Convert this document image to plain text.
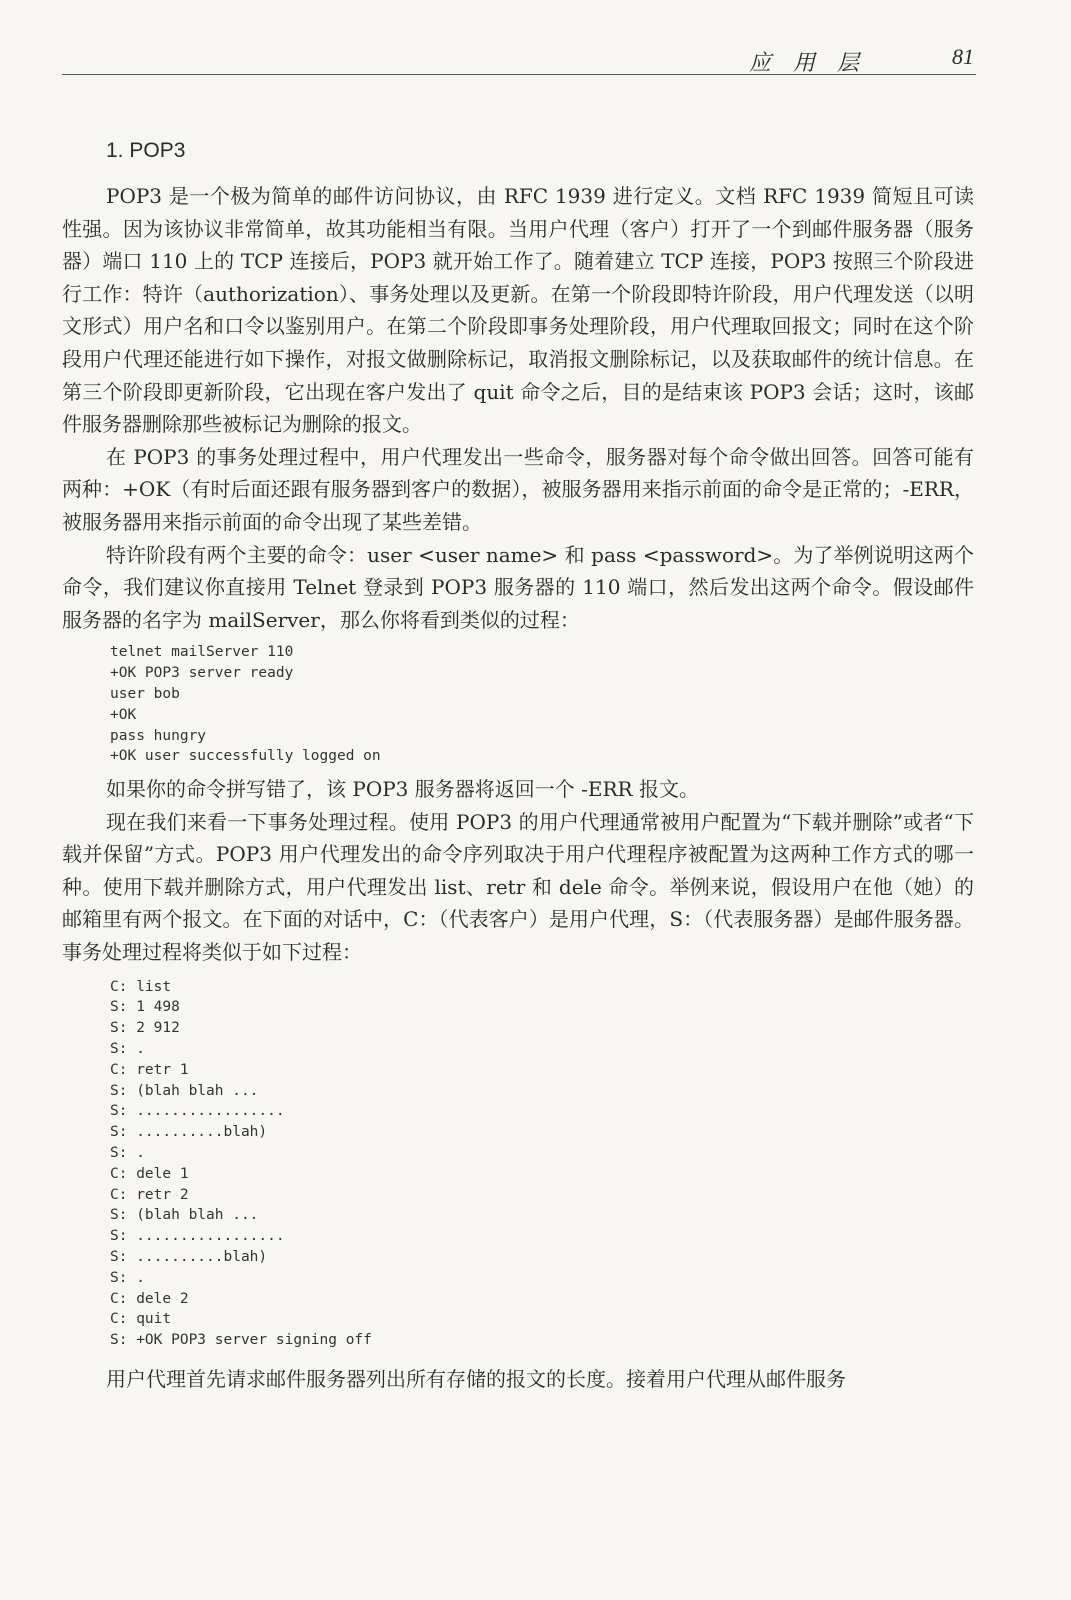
应用层	81
1. POP3

POP3 是一个极为简单的邮件访问协议，由 RFC 1939 进行定义。文档 RFC 1939 简短且可读性强。因为该协议非常简单，故其功能相当有限。当用户代理（客户）打开了一个到邮件服务器（服务器）端口 110 上的 TCP 连接后，POP3 就开始工作了。随着建立 TCP 连接，POP3 按照三个阶段进行工作：特许（authorization）、事务处理以及更新。在第一个阶段即特许阶段，用户代理发送（以明文形式）用户名和口令以鉴别用户。在第二个阶段即事务处理阶段，用户代理取回报文；同时在这个阶段用户代理还能进行如下操作，对报文做删除标记，取消报文删除标记，以及获取邮件的统计信息。在第三个阶段即更新阶段，它出现在客户发出了 quit 命令之后，目的是结束该 POP3 会话；这时，该邮件服务器删除那些被标记为删除的报文。

在 POP3 的事务处理过程中，用户代理发出一些命令，服务器对每个命令做出回答。回答可能有两种：+OK（有时后面还跟有服务器到客户的数据），被服务器用来指示前面的命令是正常的；-ERR，被服务器用来指示前面的命令出现了某些差错。

特许阶段有两个主要的命令：user <user name> 和 pass <password>。为了举例说明这两个命令，我们建议你直接用 Telnet 登录到 POP3 服务器的 110 端口，然后发出这两个命令。假设邮件服务器的名字为 mailServer，那么你将看到类似的过程：

telnet mailServer 110
+OK POP3 server ready
user bob
+OK
pass hungry
+OK user successfully logged on

如果你的命令拼写错了，该 POP3 服务器将返回一个 -ERR 报文。

现在我们来看一下事务处理过程。使用 POP3 的用户代理通常被用户配置为“下载并删除”或者“下载并保留”方式。POP3 用户代理发出的命令序列取决于用户代理程序被配置为这两种工作方式的哪一种。使用下载并删除方式，用户代理发出 list、retr 和 dele 命令。举例来说，假设用户在他（她）的邮箱里有两个报文。在下面的对话中，C：（代表客户）是用户代理，S：（代表服务器）是邮件服务器。事务处理过程将类似于如下过程：

C: list
S: 1 498
S: 2 912
S: .
C: retr 1
S: (blah blah ...
S: .................
S: ..........blah)
S: .
C: dele 1
C: retr 2
S: (blah blah ...
S: .................
S: ..........blah)
S: .
C: dele 2
C: quit
S: +OK POP3 server signing off

用户代理首先请求邮件服务器列出所有存储的报文的长度。接着用户代理从邮件服务
